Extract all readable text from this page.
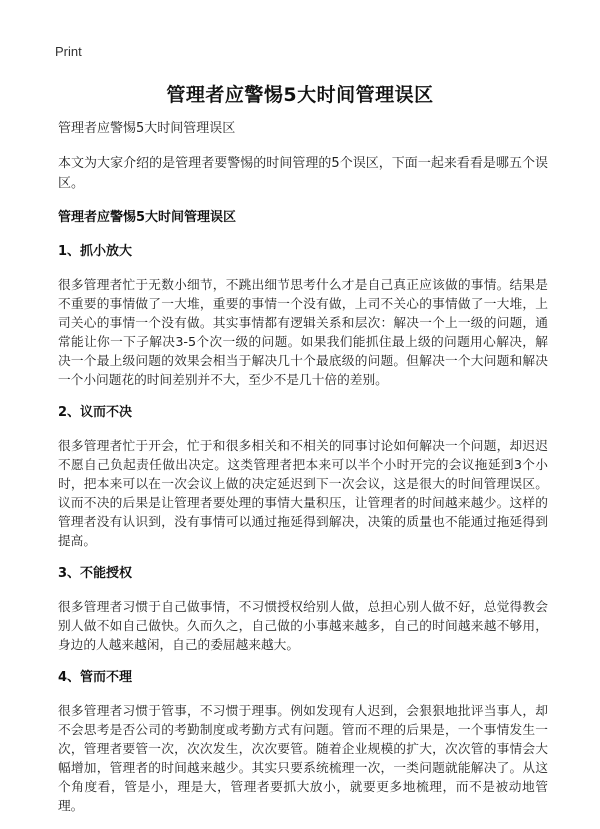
Print
管理者应警惕5大时间管理误区

管理者应警惕5大时间管理误区

本文为大家介绍的是管理者要警惕的时间管理的5个误区，下面一起来看看是哪五个误区。

管理者应警惕5大时间管理误区

1、抓小放大

很多管理者忙于无数小细节，不跳出细节思考什么才是自己真正应该做的事情。结果是不重要的事情做了一大堆，重要的事情一个没有做，上司不关心的事情做了一大堆，上司关心的事情一个没有做。其实事情都有逻辑关系和层次：解决一个上一级的问题，通常能让你一下子解决3-5个次一级的问题。如果我们能抓住最上级的问题用心解决，解决一个最上级问题的效果会相当于解决几十个最底级的问题。但解决一个大问题和解决一个小问题花的时间差别并不大，至少不是几十倍的差别。

2、议而不决

很多管理者忙于开会，忙于和很多相关和不相关的同事讨论如何解决一个问题，却迟迟不愿自己负起责任做出决定。这类管理者把本来可以半个小时开完的会议拖延到3个小时，把本来可以在一次会议上做的决定延迟到下一次会议，这是很大的时间管理误区。议而不决的后果是让管理者要处理的事情大量积压，让管理者的时间越来越少。这样的管理者没有认识到，没有事情可以通过拖延得到解决，决策的质量也不能通过拖延得到提高。

3、不能授权

很多管理者习惯于自己做事情，不习惯授权给别人做，总担心别人做不好，总觉得教会别人做不如自己做快。久而久之，自己做的小事越来越多，自己的时间越来越不够用，身边的人越来越闲，自己的委屈越来越大。

4、管而不理

很多管理者习惯于管事，不习惯于理事。例如发现有人迟到，会狠狠地批评当事人，却不会思考是否公司的考勤制度或考勤方式有问题。管而不理的后果是，一个事情发生一次，管理者要管一次，次次发生，次次要管。随着企业规模的扩大，次次管的事情会大幅增加，管理者的时间越来越少。其实只要系统梳理一次，一类问题就能解决了。从这个角度看，管是小，理是大，管理者要抓大放小，就要更多地梳理，而不是被动地管理。
